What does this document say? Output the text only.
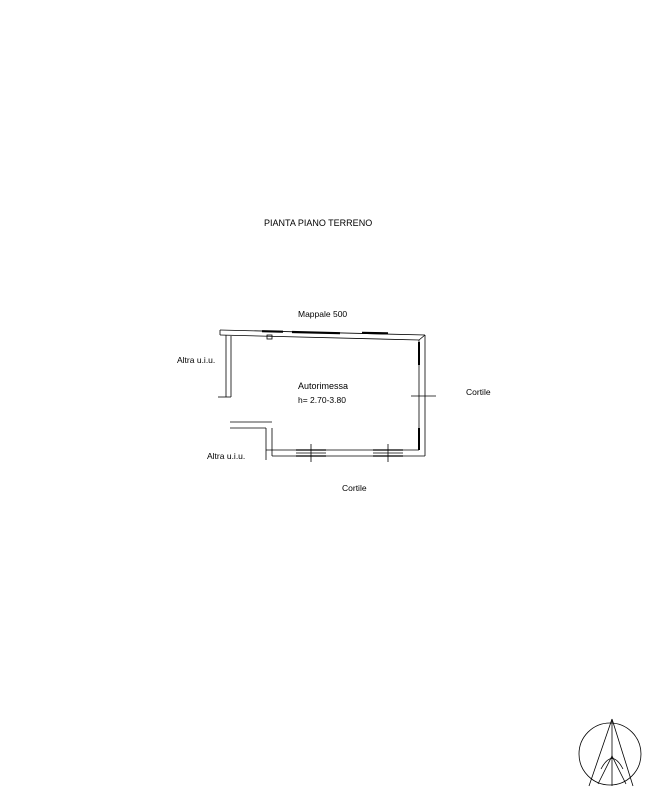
PIANTA PIANO TERRENO
Mappale 500
Altra u.i.u.
Autorimessa
h= 2.70-3.80
Cortile
Altra u.i.u.
Cortile
